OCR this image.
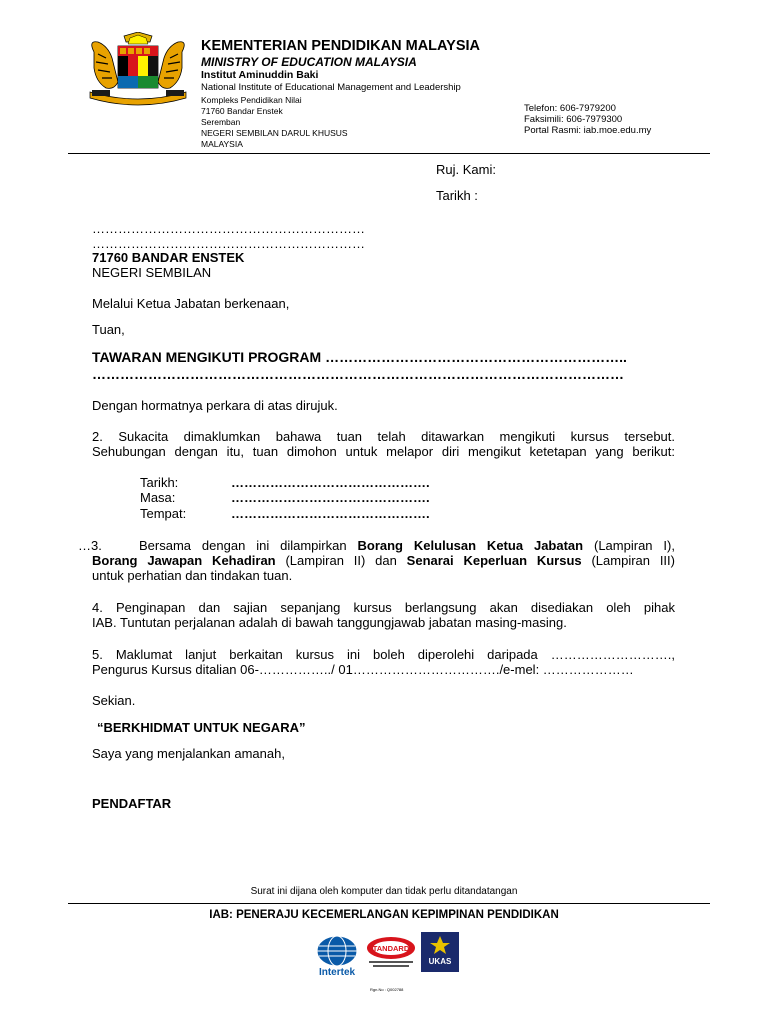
KEMENTERIAN PENDIDIKAN MALAYSIA
MINISTRY OF EDUCATION MALAYSIA
Institut Aminuddin Baki
National Institute of Educational Management and Leadership
Kompleks Pendidikan Nilai
71760 Bandar Enstek
Seremban
NEGERI SEMBILAN DARUL KHUSUS
MALAYSIA
Telefon: 606-7979200
Faksimili: 606-7979300
Portal Rasmi: iab.moe.edu.my
Ruj. Kami:
Tarikh :
………………………………………………………
………………………………………………………
71760 BANDAR ENSTEK
NEGERI SEMBILAN
Melalui Ketua Jabatan berkenaan,
Tuan,
TAWARAN MENGIKUTI PROGRAM ………………………………………………………..
……………………………………………………………………………………………………
Dengan hormatnya perkara di atas dirujuk.
2. Sukacita dimaklumkan bahawa tuan telah ditawarkan mengikuti kursus tersebut.
Sehubungan dengan itu, tuan dimohon untuk melapor diri mengikut ketetapan yang berikut:
Tarikh:	……………………………………….
Masa:	……………………………………….
Tempat:	……………………………………….
…3.	Bersama dengan ini dilampirkan Borang Kelulusan Ketua Jabatan (Lampiran I),
Borang Jawapan Kehadiran (Lampiran II) dan Senarai Keperluan Kursus (Lampiran III)
untuk perhatian dan tindakan tuan.
4. Penginapan dan sajian sepanjang kursus berlangsung akan disediakan oleh pihak
IAB. Tuntutan perjalanan adalah di bawah tanggungjawab jabatan masing-masing.
5. Maklumat lanjut berkaitan kursus ini boleh diperolehi daripada ……………………….,
Pengurus Kursus ditalian 06-……………../ 01……………………………./e-mel: …………………
Sekian.
“BERKHIDMAT UNTUK NEGARA”
Saya yang menjalankan amanah,
PENDAFTAR
Surat ini dijana oleh komputer dan tidak perlu ditandatangan
IAB: PENERAJU KECEMERLANGAN KEPIMPINAN PENDIDIKAN
Intertek
STANDARDS
Rgn.No : Q002788
UKAS
